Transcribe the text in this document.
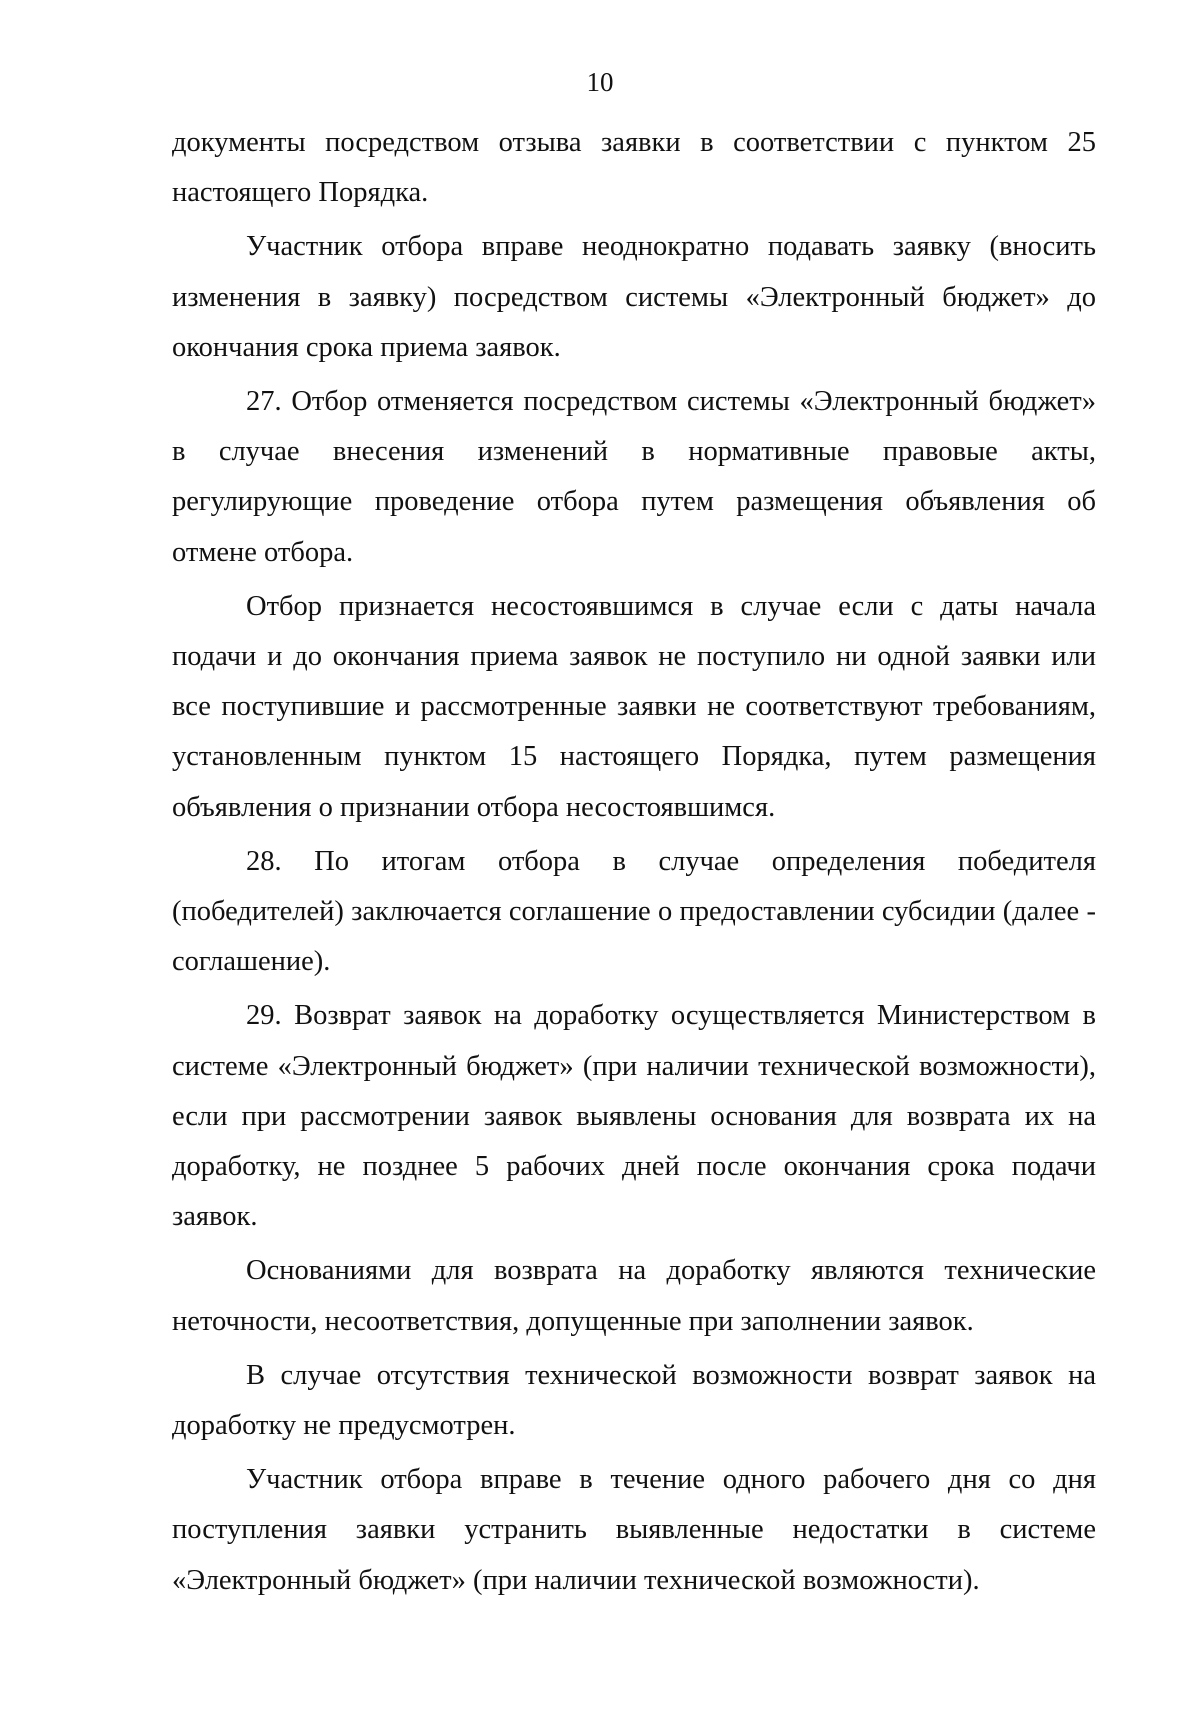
10

документы посредством отзыва заявки в соответствии с пунктом 25 настоящего Порядка.

Участник отбора вправе неоднократно подавать заявку (вносить изменения в заявку) посредством системы «Электронный бюджет» до окончания срока приема заявок.

27. Отбор отменяется посредством системы «Электронный бюджет» в случае внесения изменений в нормативные правовые акты, регулирующие проведение отбора путем размещения объявления об отмене отбора.

Отбор признается несостоявшимся в случае если с даты начала подачи и до окончания приема заявок не поступило ни одной заявки или все поступившие и рассмотренные заявки не соответствуют требованиям, установленным пунктом 15 настоящего Порядка, путем размещения объявления о признании отбора несостоявшимся.

28. По итогам отбора в случае определения победителя (победителей) заключается соглашение о предоставлении субсидии (далее - соглашение).

29. Возврат заявок на доработку осуществляется Министерством в системе «Электронный бюджет» (при наличии технической возможности), если при рассмотрении заявок выявлены основания для возврата их на доработку, не позднее 5 рабочих дней после окончания срока подачи заявок.

Основаниями для возврата на доработку являются технические неточности, несоответствия, допущенные при заполнении заявок.

В случае отсутствия технической возможности возврат заявок на доработку не предусмотрен.

Участник отбора вправе в течение одного рабочего дня со дня поступления заявки устранить выявленные недостатки в системе «Электронный бюджет» (при наличии технической возможности).
